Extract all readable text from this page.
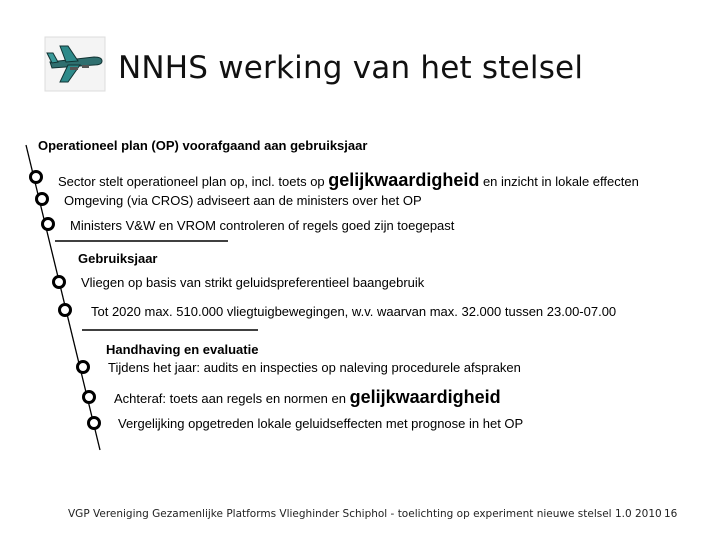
NNHS werking van het stelsel
Operationeel plan (OP) voorafgaand aan gebruiksjaar
Sector stelt operationeel plan op, incl. toets op gelijkwaardigheid en inzicht in lokale effecten
Omgeving (via CROS) adviseert aan de ministers over het OP
Ministers V&W en VROM controleren of regels goed zijn toegepast
Gebruiksjaar
Vliegen op basis van strikt geluidspreferentieel baangebruik
Tot 2020 max. 510.000 vliegtuigbewegingen, w.v. waarvan max. 32.000 tussen 23.00-07.00
Handhaving en evaluatie
Tijdens het jaar: audits en inspecties op naleving procedurele afspraken
Achteraf: toets aan regels en normen en gelijkwaardigheid
Vergelijking opgetreden lokale geluidseffecten met prognose in het OP
VGP Vereniging Gezamenlijke Platforms Vlieghinder Schiphol - toelichting op experiment nieuwe stelsel 1.0 2010 16
